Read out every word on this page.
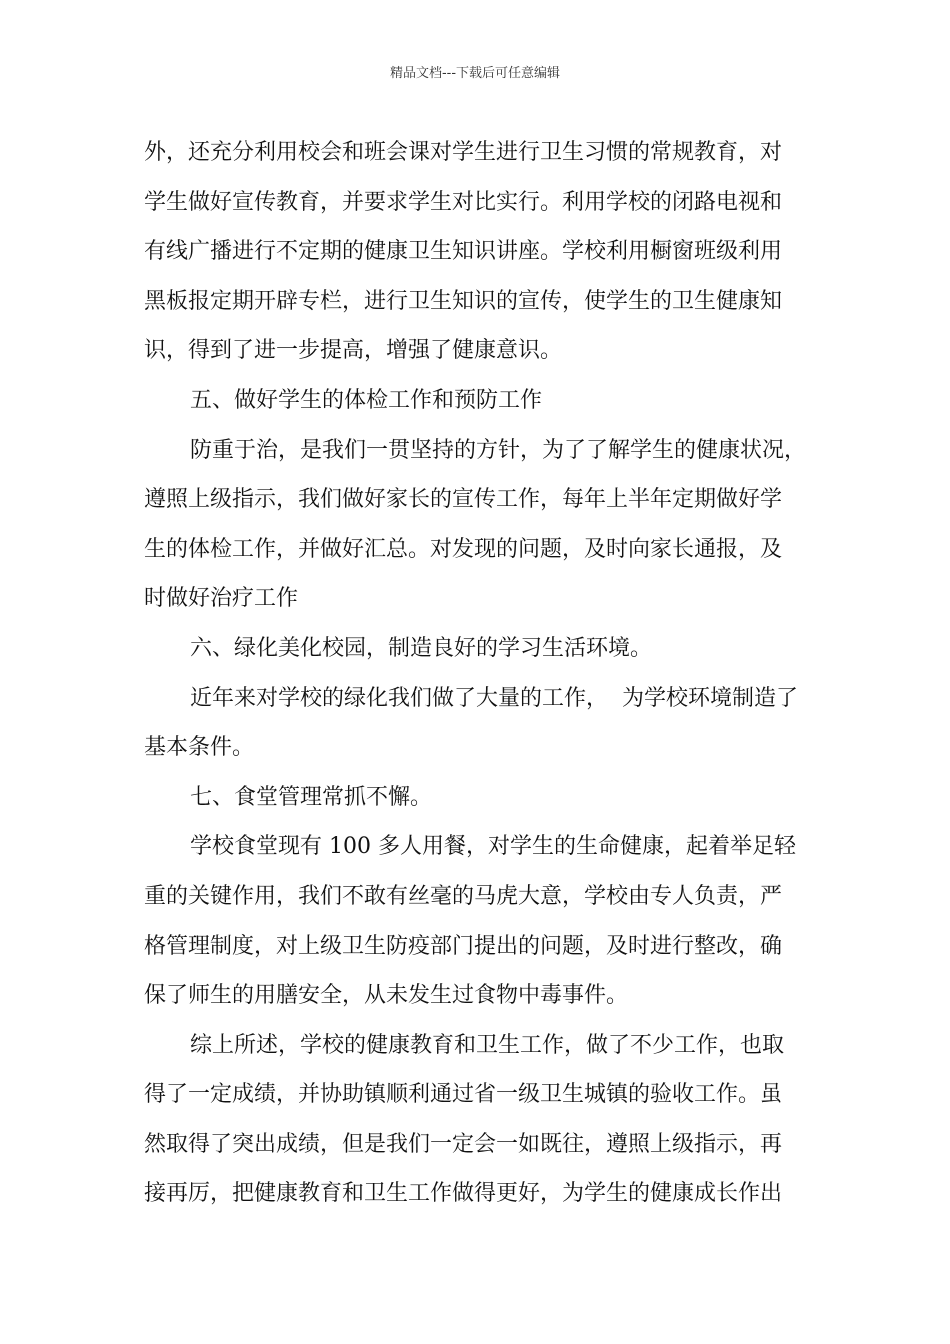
精品文档---下载后可任意编辑
外，还充分利用校会和班会课对学生进行卫生习惯的常规教育，对
学生做好宣传教育，并要求学生对比实行。利用学校的闭路电视和
有线广播进行不定期的健康卫生知识讲座。学校利用橱窗班级利用
黑板报定期开辟专栏，进行卫生知识的宣传，使学生的卫生健康知
识，得到了进一步提高，增强了健康意识。
五、做好学生的体检工作和预防工作
防重于治，是我们一贯坚持的方针，为了了解学生的健康状况，
遵照上级指示，我们做好家长的宣传工作，每年上半年定期做好学
生的体检工作，并做好汇总。对发现的问题，及时向家长通报，及
时做好治疗工作
六、绿化美化校园，制造良好的学习生活环境。
近年来对学校的绿化我们做了大量的工作，  为学校环境制造了
基本条件。
七、食堂管理常抓不懈。
学校食堂现有 100 多人用餐，对学生的生命健康，起着举足轻
重的关键作用，我们不敢有丝毫的马虎大意，学校由专人负责，严
格管理制度，对上级卫生防疫部门提出的问题，及时进行整改，确
保了师生的用膳安全，从未发生过食物中毒事件。
综上所述，学校的健康教育和卫生工作，做了不少工作，也取
得了一定成绩，并协助镇顺利通过省一级卫生城镇的验收工作。虽
然取得了突出成绩，但是我们一定会一如既往，遵照上级指示，再
接再厉，把健康教育和卫生工作做得更好，为学生的健康成长作出
